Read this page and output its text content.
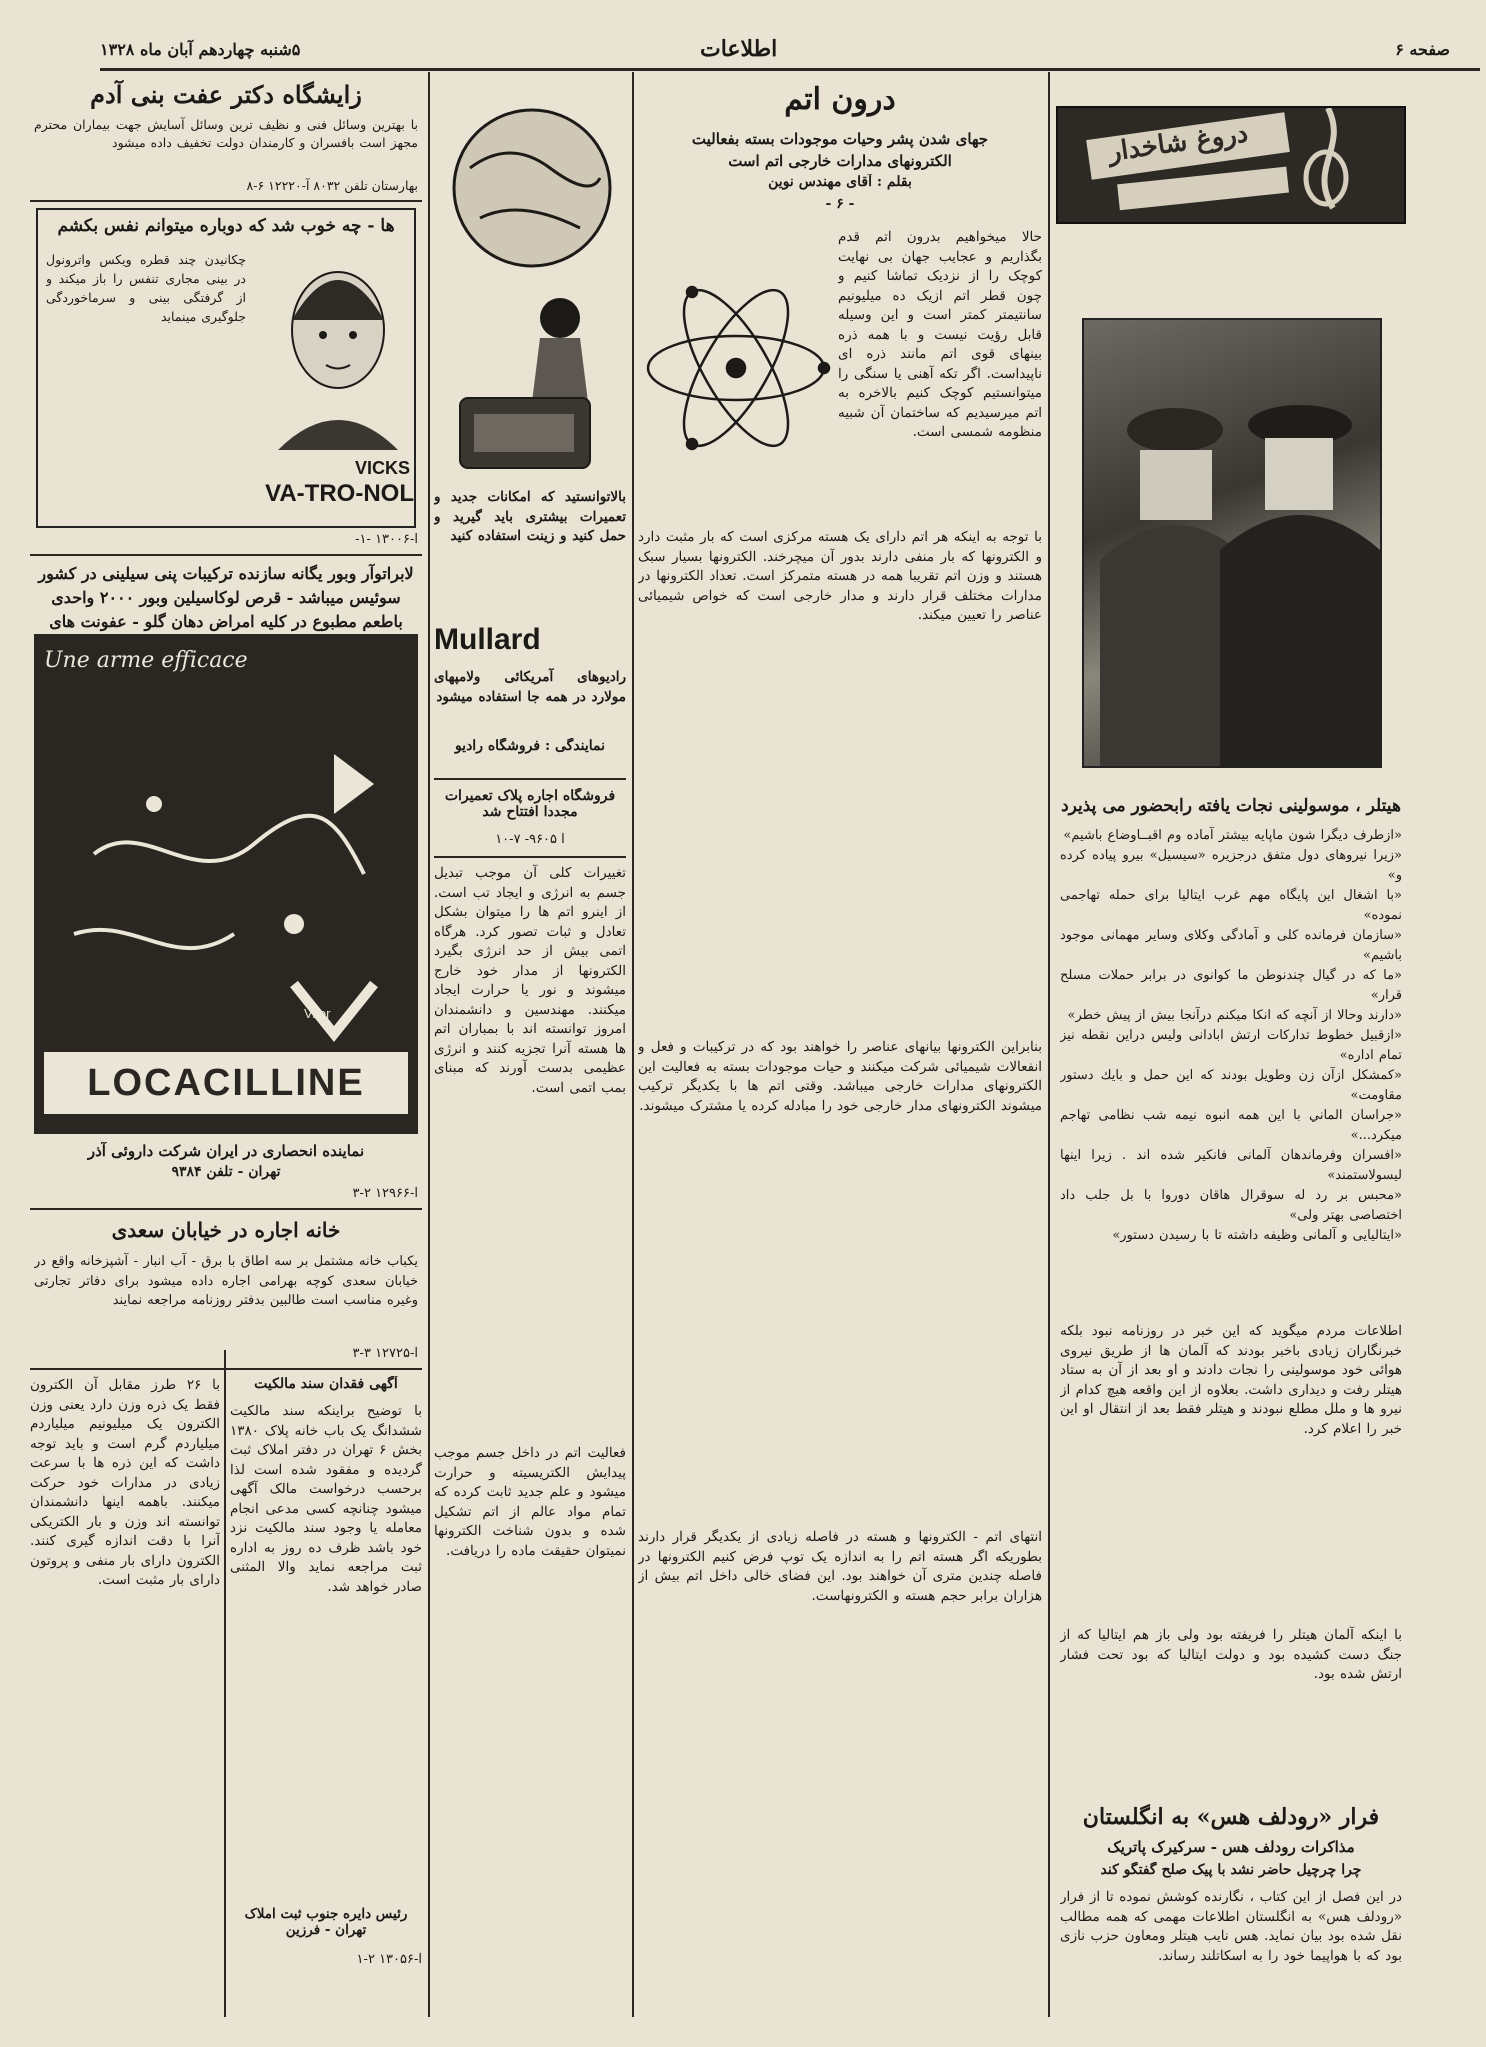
۵شنبه چهاردهم آبان ماه ۱۳۲۸	اطلاعات	صفحه ۶
دروغ شاخدار
هیتلر ، موسولینی نجات یافته رابحضور می پذیرد
«ازطرف دیگرا شون ماپایه بیشتر آماده وم اقبــاوضاع باشیم»
«زیرا نیروهای دول متفق درجزیره «سیسیل» بیرو پیاده کرده و»
«با اشغال این پایگاه مهم غرب ایتالیا برای حمله تهاجمی نموده»
«سازمان فرمانده کلی و آمادگی وکلای وسایر مهمانی موجود باشیم»
«ما که در گیال چندنوطن ما کوانوی در برابر حملات مسلح قرار»
«دارند وحالا از آنچه که انکا میکنم درآنجا بیش از پیش خطر»
«ازقبیل خطوط تداركات ارتش ابادانی ولیس دراين نقطه نيز تمام اداره»
«كمشكل ازآن زن وطويل بودند كه اين حمل و بايك دستور مقاومت»
«جراسان الماني با اين همه انبوه نيمه شب نظامى تهاجم ميكرد...»
«افسران وفرماندهان آلمانی فانکیر شده اند . زیرا اینها لیسولاستمند»
«محبس بر رد له سوقرال هاقان دوروا با بل جلب داد اختصاصی بهتر ولی»
«ایتالیایی و آلمانی وظیفه داشته تا با رسیدن دستور»
اطلاعات مردم میگوید که این خبر در روزنامه نبود بلکه خبرنگاران زیادی باخبر بودند که آلمان ها از طریق نیروی هوائی خود موسولینی را نجات دادند و او بعد از آن به ستاد هیتلر رفت و دیداری داشت. بعلاوه از این واقعه هیچ کدام از نیرو ها و ملل مطلع نبودند و هیتلر فقط بعد از انتقال او این خبر را اعلام کرد.
با اینکه آلمان هیتلر را فریفته بود ولی باز هم ایتالیا که از جنگ دست کشیده بود و دولت ایتالیا که بود تحت فشار ارتش شده بود.
فرار «رودلف هس» به انگلستان
مذاکرات رودلف هس - سرکیرک پاتریک
چرا چرچیل حاضر نشد با پیک صلح گفتگو کند
در این فصل از این کتاب ، نگارنده کوشش نموده تا از فرار «رودلف هس» به انگلستان اطلاعات مهمی که همه مطالب نقل شده بود بیان نماید. هس نایب هیتلر ومعاون حزب نازی بود که با هواپیما خود را به اسکاتلند رساند.
درون اتم
جهای شدن پشر وحیات موجودات بسته بفعالیت
الکترونهای مدارات خارجی اتم است
بقلم : آقای مهندس نوین
- ۶ -
حالا میخواهیم بدرون اتم قدم بگذاریم و عجایب جهان بی نهایت کوچک را از نزدیک تماشا کنیم و چون قطر اتم ازیک ده میلیونیم سانتیمتر کمتر است و این وسیله قابل رؤیت نیست و با همه ذره بینهای قوی اتم مانند ذره ای ناپیداست. اگر تکه آهنی یا سنگی را میتوانستیم کوچک کنیم بالاخره به اتم میرسیدیم که ساختمان آن شبیه منظومه شمسی است.
با توجه به اینکه هر اتم دارای یک هسته مرکزی است که بار مثبت دارد و الکترونها که بار منفی دارند بدور آن میچرخند. الکترونها بسیار سبک هستند و وزن اتم تقریبا همه در هسته متمرکز است. تعداد الکترونها در مدارات مختلف قرار دارند و مدار خارجی است که خواص شیمیائی عناصر را تعیین میکند.
بنابراین الکترونها بیانهای عناصر را خواهند بود که در ترکیبات و فعل و انفعالات شیمیائی شرکت میکنند و حیات موجودات بسته به فعالیت این الکترونهای مدارات خارجی میباشد. وقتی اتم ها با یکدیگر ترکیب میشوند الکترونهای مدار خارجی خود را مبادله کرده یا مشترک میشوند.
انتهای اتم - الکترونها و هسته در فاصله زیادی از یکدیگر قرار دارند بطوریکه اگر هسته اتم را به اندازه یک توپ فرض کنیم الکترونها در فاصله چندین متری آن خواهند بود. این فضای خالی داخل اتم بیش از هزاران برابر حجم هسته و الکترونهاست.
بالاتوانستید که امکانات جدید و تعمیرات بیشتری باید گیرید و حمل کنید و زینت استفاده کنید
Mullard
رادیوهای آمریکائی ولامپهای مولارد در همه جا استفاده میشود
نمایندگی : فروشگاه رادیو
فروشگاه اجاره پلاک تعمیرات مجددا افتتاح شد
آ ۹۶۰۵- ۷-۱۰
تغییرات کلی آن موجب تبدیل جسم به انرژی و ایجاد تب است. از اینرو اتم ها را میتوان بشکل تعادل و ثبات تصور کرد. هرگاه اتمی بیش از حد انرژی بگیرد الکترونها از مدار خود خارج میشوند و نور یا حرارت ایجاد میکنند. مهندسین و دانشمندان امروز توانسته اند با بمباران اتم ها هسته آنرا تجزیه کنند و انرژی عظیمی بدست آورند که مبنای بمب اتمی است.
فعالیت اتم در داخل جسم موجب پیدایش الکتریسیته و حرارت میشود و علم جدید ثابت کرده که تمام مواد عالم از اتم تشکیل شده و بدون شناخت الکترونها نمیتوان حقیقت ماده را دریافت.
زایشگاه دکتر عفت بنی آدم
با بهترین وسائل فنی و نظیف ترین وسائل آسایش جهت بیماران محترم مجهز است بافسران و کارمندان دولت تخفیف داده میشود
بهارستان تلفن ۸۰۳۲ آ-۱۲۲۲۰ ۶-۸
ها - چه خوب شد که دوباره میتوانم نفس بکشم
چکانیدن چند قطره ویکس واترونول در بینی مجاری تنفس را باز میکند و از گرفتگی بینی و سرماخوردگی جلوگیری مینماید
VICKS
VA-TRO-NOL
آ-۱۳۰۰۶ -۱-
لابراتوآر وبور یگانه سازنده ترکیبات پنی سیلینی در کشور سوئیس میباشد - قرص لوکاسیلین وبور ۲۰۰۰ واحدی باطعم مطبوع در کلیه امراض دهان گلو - عفونت های
Une arme efficace
Vifor
LOCACILLINE
نماینده انحصاری در ایران شرکت داروئی آذر
تهران - تلفن ۹۳۸۴
آ-۱۲۹۶۶ ۲-۳
خانه اجاره در خیابان سعدی
یکباب خانه مشتمل بر سه اطاق با برق - آب انبار - آشپزخانه واقع در خیابان سعدی کوچه بهرامی اجاره داده میشود برای دفاتر تجارتی وغیره مناسب است طالبین بدفتر روزنامه مراجعه نمایند
آ-۱۲۷۲۵ ۳-۳
آگهی فقدان سند مالکیت
با توضیح براینکه سند مالکیت ششدانگ یک باب خانه پلاک ۱۳۸۰ بخش ۶ تهران در دفتر املاک ثبت گردیده و مفقود شده است لذا برحسب درخواست مالک آگهی میشود چنانچه کسی مدعی انجام معامله یا وجود سند مالکیت نزد خود باشد ظرف ده روز به اداره ثبت مراجعه نماید والا المثنی صادر خواهد شد.
رئیس دایره جنوب ثبت املاک تهران - فرزین
آ-۱۳۰۵۶ ۲-۱
با ۲۶ طرز مقابل آن الکترون فقط یک ذره وزن دارد یعنی وزن الکترون یک میلیونیم میلیاردم میلیاردم گرم است و باید توجه داشت که این ذره ها با سرعت زیادی در مدارات خود حرکت میکنند. باهمه اینها دانشمندان توانسته اند وزن و بار الکتریکی آنرا با دقت اندازه گیری کنند. الکترون دارای بار منفی و پروتون دارای بار مثبت است.
